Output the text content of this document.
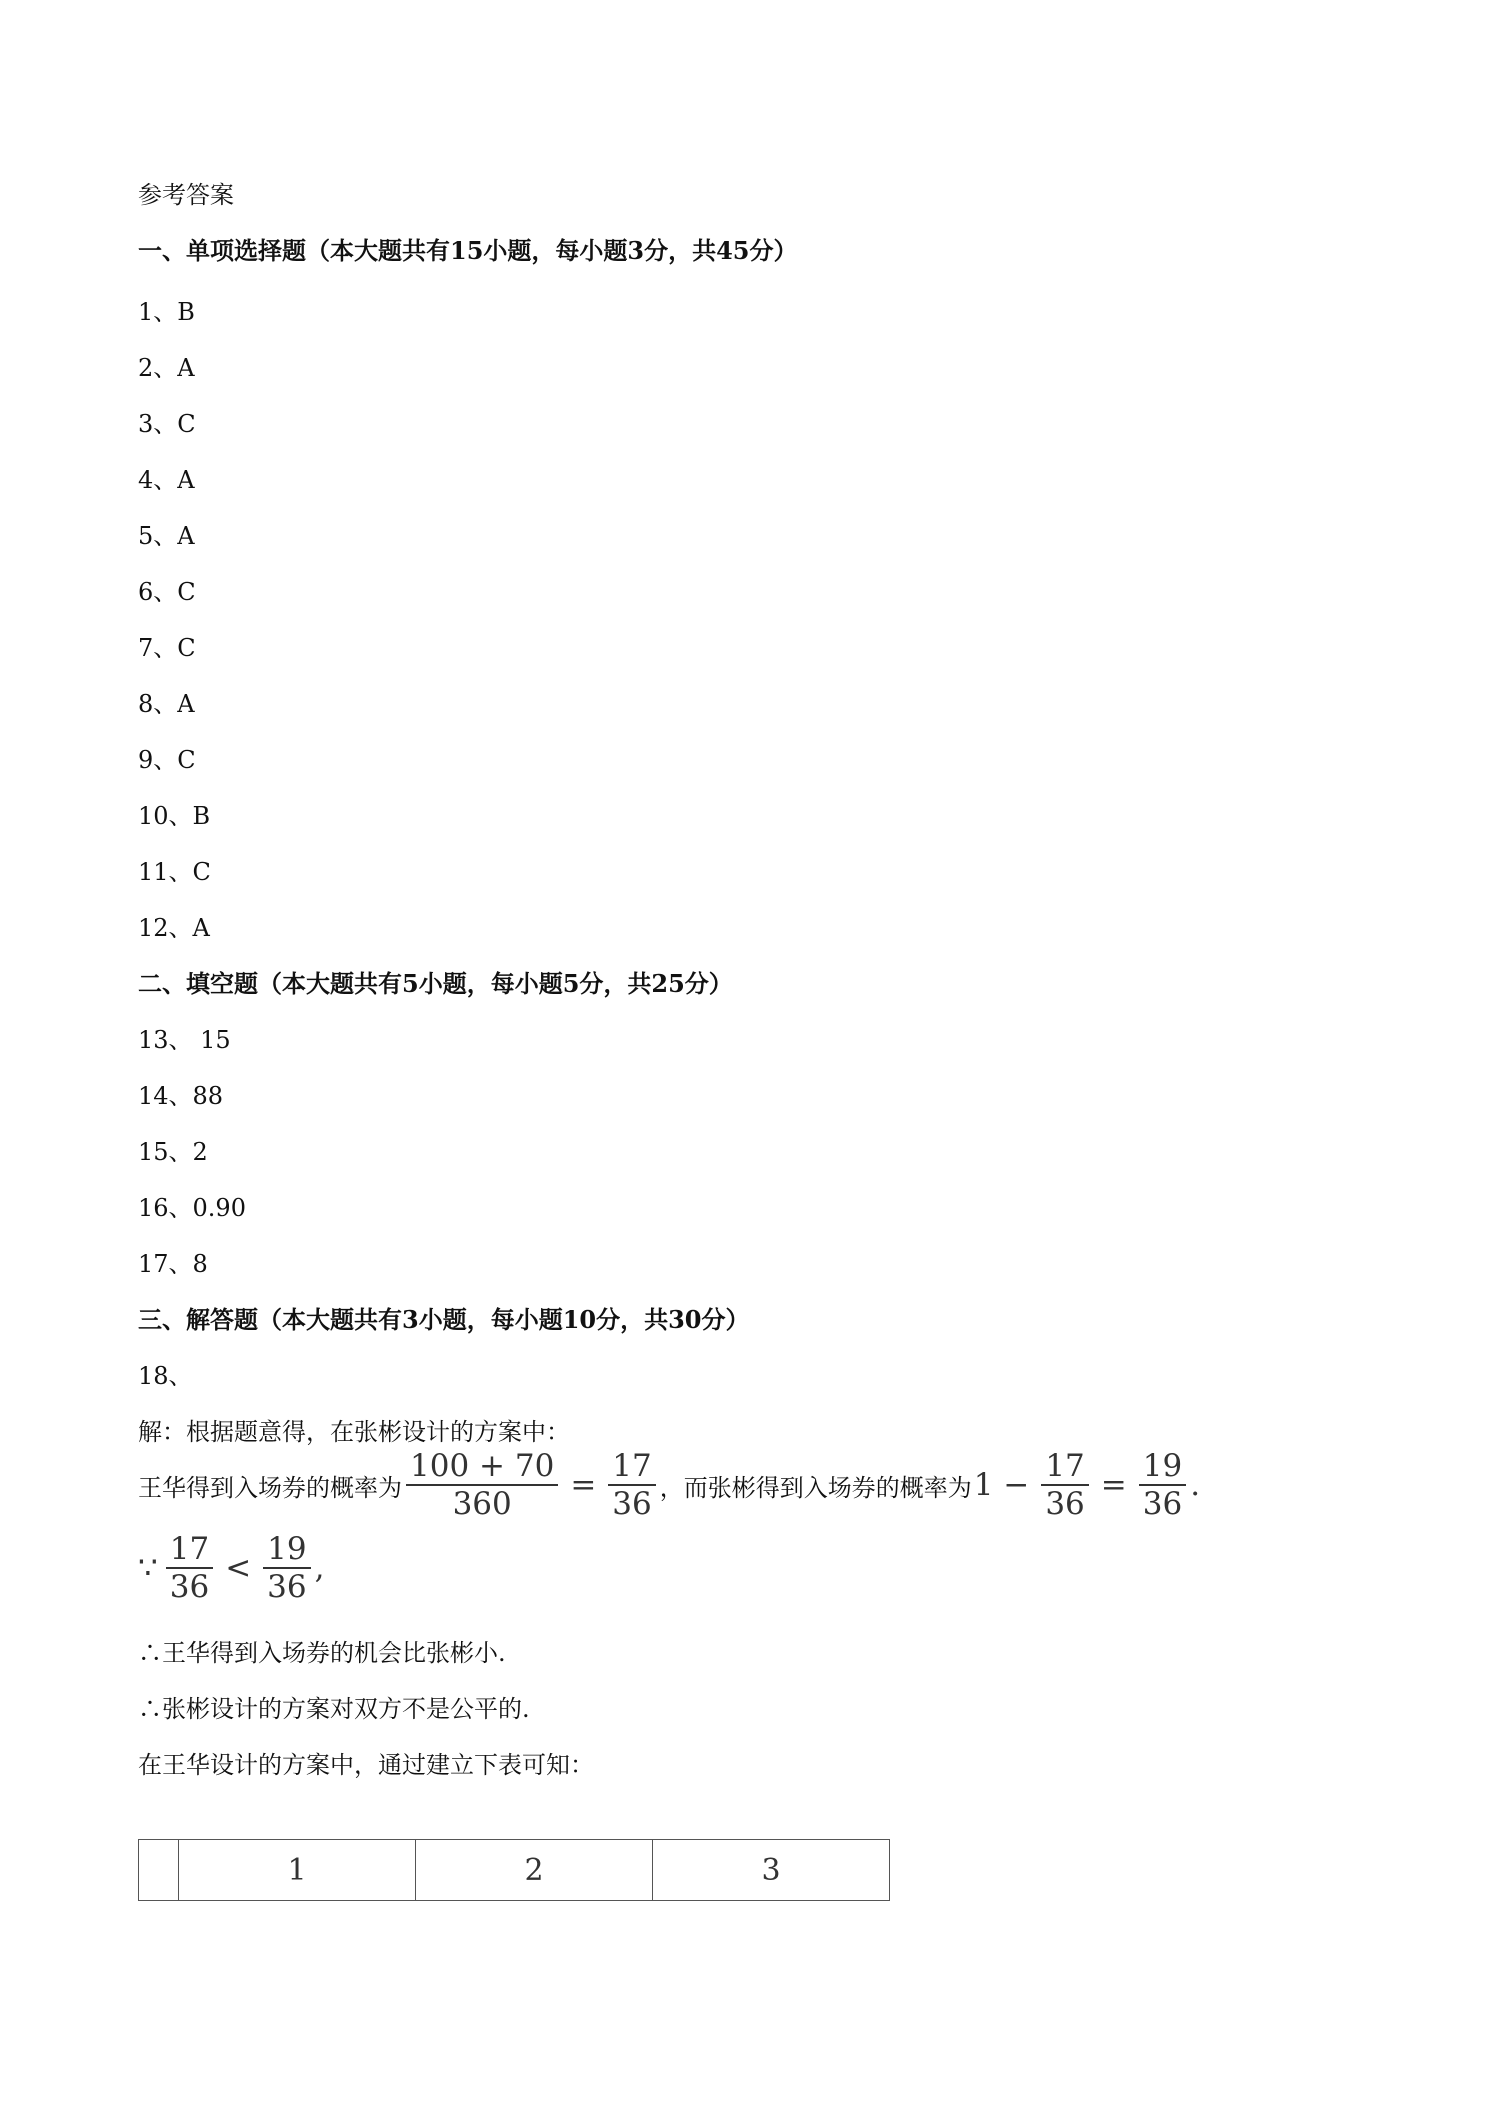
参考答案
一、单项选择题（本大题共有15小题，每小题3分，共45分）
1、B
2、A
3、C
4、A
5、A
6、C
7、C
8、A
9、C
10、B
11、C
12、A
二、填空题（本大题共有5小题，每小题5分，共25分）
13、 15
14、88
15、2
16、0.90
17、8
三、解答题（本大题共有3小题，每小题10分，共30分）
18、
解：根据题意得，在张彬设计的方案中：
王华得到入场券的概率为 $\frac{100 + 70}{360} = \frac{17}{36}$ ，而张彬得到入场券的概率为 $1 - \frac{17}{36} = \frac{19}{36}$ .
∵ $\frac{17}{36} < \frac{19}{36}$ ,
∴王华得到入场券的机会比张彬小.
∴张彬设计的方案对双方不是公平的.
在王华设计的方案中，通过建立下表可知：
	1	2	3
